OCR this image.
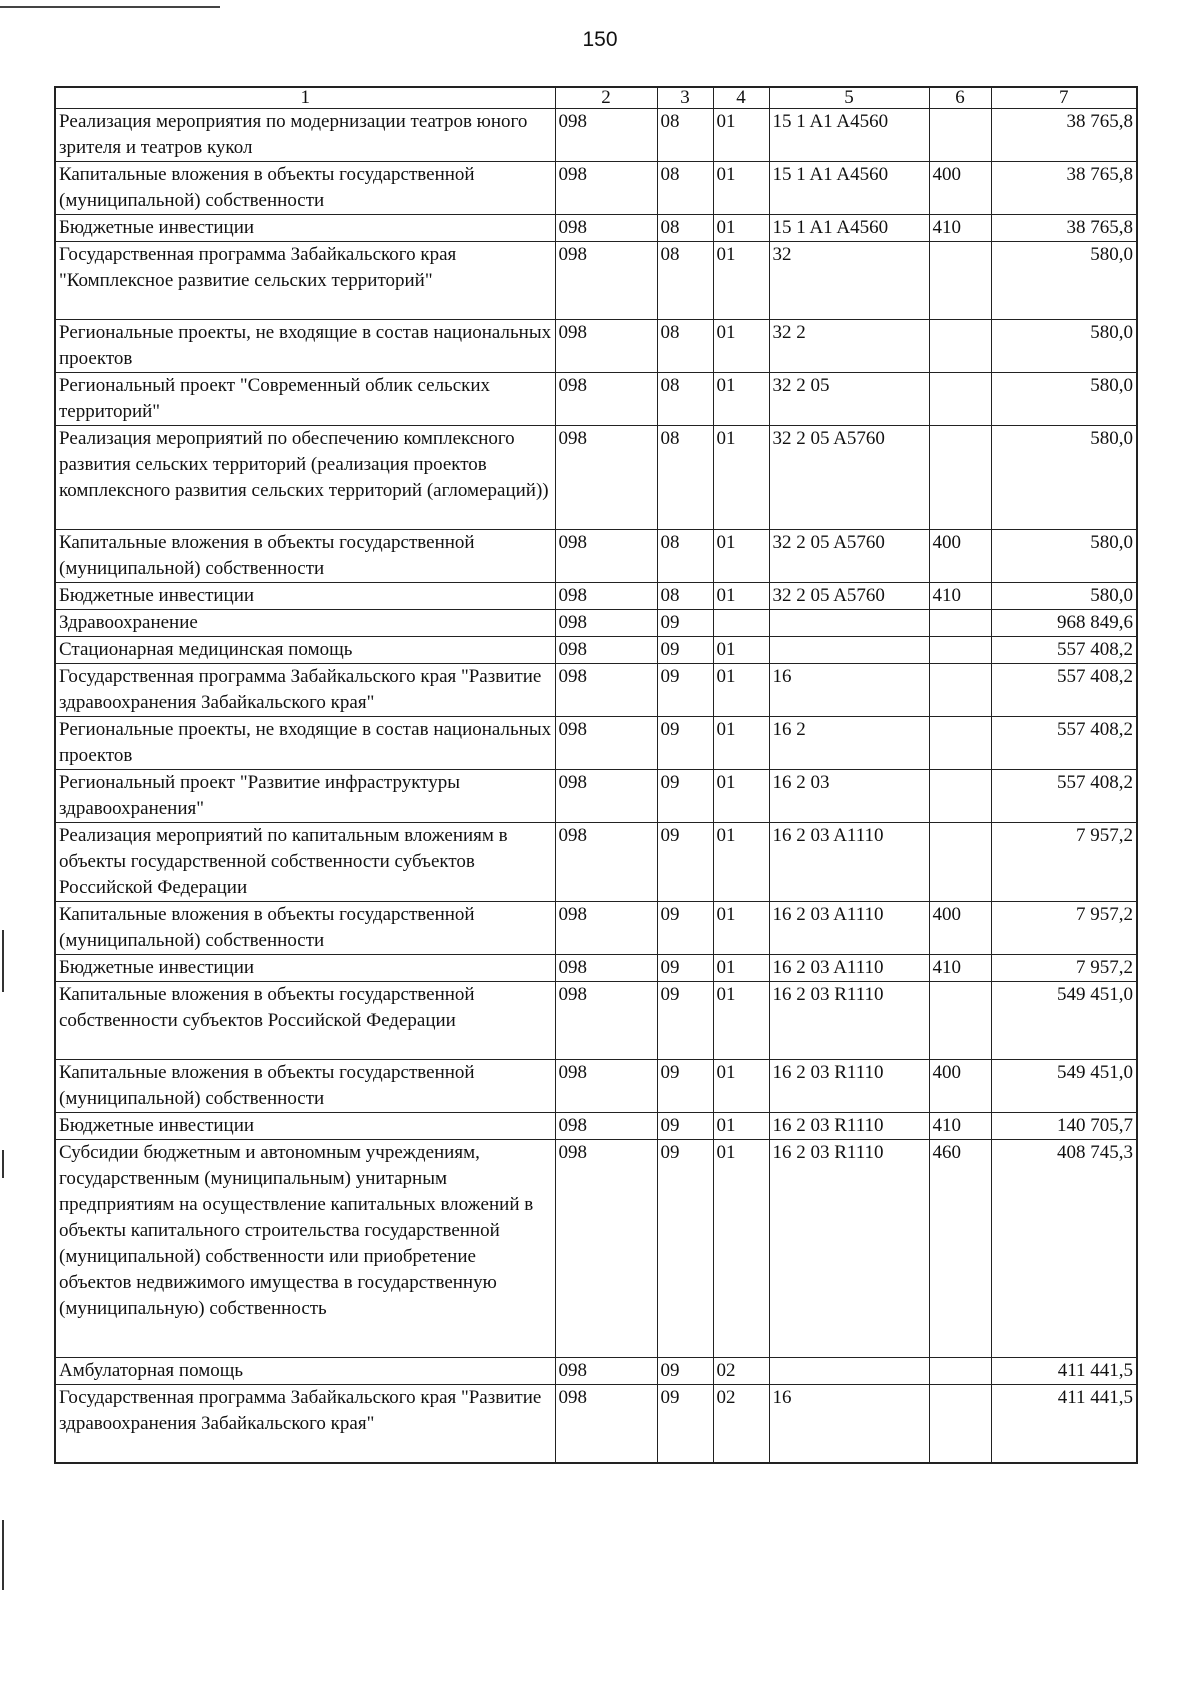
150
1	2	3	4	5	6	7
Реализация мероприятия по модернизации театров юного зрителя и театров кукол	098	08	01	15 1 A1 A4560		38 765,8
Капитальные вложения в объекты государственной (муниципальной) собственности	098	08	01	15 1 A1 A4560	400	38 765,8
Бюджетные инвестиции	098	08	01	15 1 A1 A4560	410	38 765,8
Государственная программа Забайкальского края "Комплексное развитие сельских территорий"	098	08	01	32		580,0
Региональные проекты, не входящие в состав национальных проектов	098	08	01	32 2		580,0
Региональный проект "Современный облик сельских территорий"	098	08	01	32 2 05		580,0
Реализация мероприятий по обеспечению комплексного развития сельских территорий (реализация проектов комплексного развития сельских территорий (агломераций))	098	08	01	32 2 05 A5760		580,0
Капитальные вложения в объекты государственной (муниципальной) собственности	098	08	01	32 2 05 A5760	400	580,0
Бюджетные инвестиции	098	08	01	32 2 05 A5760	410	580,0
Здравоохранение	098	09				968 849,6
Стационарная медицинская помощь	098	09	01			557 408,2
Государственная программа Забайкальского края "Развитие здравоохранения Забайкальского края"	098	09	01	16		557 408,2
Региональные проекты, не входящие в состав национальных проектов	098	09	01	16 2		557 408,2
Региональный проект "Развитие инфраструктуры здравоохранения"	098	09	01	16 2 03		557 408,2
Реализация мероприятий по капитальным вложениям в объекты государственной собственности субъектов Российской Федерации	098	09	01	16 2 03 A1110		7 957,2
Капитальные вложения в объекты государственной (муниципальной) собственности	098	09	01	16 2 03 A1110	400	7 957,2
Бюджетные инвестиции	098	09	01	16 2 03 A1110	410	7 957,2
Капитальные вложения в объекты государственной собственности субъектов Российской Федерации	098	09	01	16 2 03 R1110		549 451,0
Капитальные вложения в объекты государственной (муниципальной) собственности	098	09	01	16 2 03 R1110	400	549 451,0
Бюджетные инвестиции	098	09	01	16 2 03 R1110	410	140 705,7
Субсидии бюджетным и автономным учреждениям, государственным (муниципальным) унитарным предприятиям на осуществление капитальных вложений в объекты капитального строительства государственной (муниципальной) собственности или приобретение объектов недвижимого имущества в государственную (муниципальную) собственность	098	09	01	16 2 03 R1110	460	408 745,3
Амбулаторная помощь	098	09	02			411 441,5
Государственная программа Забайкальского края "Развитие здравоохранения Забайкальского края"	098	09	02	16		411 441,5
